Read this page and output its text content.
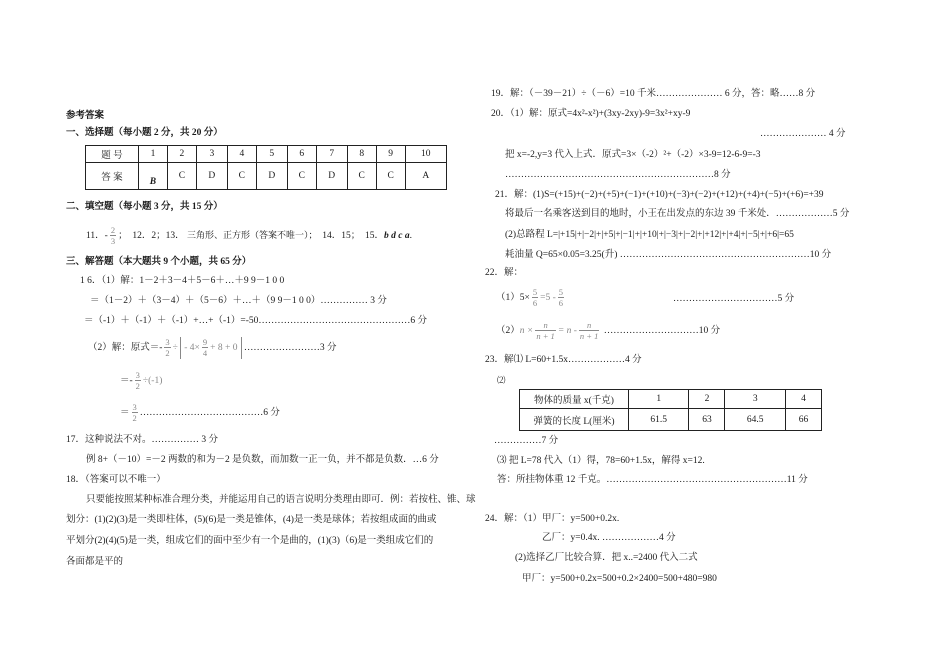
参考答案
一、选择题（每小题 2 分，共 20 分）
题 号	1	2	3	4	5	6	7	8	9	10
答 案	B	C	D	C	D	C	D	C	C	A
二、填空题（每小题 3 分，共 15 分）
11．- $\frac{2}{3}$ ； 12．2；13． 三角形、正方形（答案不唯一）； 14．15； 15．b d c a.
三、解答题（本大题共 9 个小题，共 65 分）
1 6．（1）解：1－2＋3－4＋5－6＋…＋9 9－1 0 0
＝（1－2）＋（3－4）＋（5－6）＋…＋（9 9－1 0 0）…………… 3 分
＝（-1）＋（-1）＋（-1）+…+（-1）=-50…………………………………………6 分
（2）解：原式＝- $\frac{3}{2}$ ÷ - $4\times \frac{9}{4} + 8 + 0$ ……………………3 分
＝- $\frac{3}{2} \div(-1)$
＝ $\frac{3}{2}$ …………………………………6 分
17．这种说法不对。…………… 3 分
例 8+（－10）=－2 两数的和为－2 是负数，而加数一正一负，并不都是负数．…6 分
18．（答案可以不唯一）
只要能按照某种标准合理分类，并能运用自己的语言说明分类理由即可．例：若按柱、锥、球
划分：(1)(2)(3)是一类即柱体，(5)(6)是一类是锥体，(4)是一类是球体；若按组成面的曲或
平划分(2)(4)(5)是一类，组成它们的面中至少有一个是曲的，(1)(3)（6)是一类组成它们的
各面都是平的
19．解：（－39－21）÷（－6）=10 千米………………… 6 分，答：略……8 分
20．（1）解：原式=4x²-x²)+(3xy-2xy)-9=3x²+xy-9
………………… 4 分
把 x=-2,y=3 代入上式．原式=3×（-2）²+（-2）×3-9=12-6-9=-3
…………………………………………………………8 分
21．解：(1)S=(+15)+(−2)+(+5)+(−1)+(+10)+(−3)+(−2)+(+12)+(+4)+(−5)+(+6)=+39
将最后一名乘客送到目的地时，小王在出发点的东边 39 千米处．………………5 分
(2)总路程 L=|+15|+|−2|+|+5|+|−1|+|+10|+|−3|+|−2|+|+12|+|+4|+|−5|+|+6|=65
耗油量 Q=65×0.05=3.25(升) ……………………………………………………10 分
22．解：
$(1)5\times \frac{5}{6} =5 - \frac{5}{6}$	……………………………5 分
$(2)n \times \frac{n}{n + 1} = n - \frac{n}{n + 1}$ …………………………10 分
23．解⑴ L=60+1.5x………………4 分
⑵
物体的质量 x(千克)	1	2	3	4
弹簧的长度 L(厘米)	61.5	63	64.5	66
……………7 分
⑶ 把 L=78 代入（1）得，78=60+1.5x，解得 x=12.
答：所挂物体重 12 千克。…………………………………………………11 分
24．解：（1）甲厂：y=500+0.2x.
乙厂：y=0.4x. ………………4 分
(2)选择乙厂比较合算．把 x..=2400 代入二式
甲厂：y=500+0.2x=500+0.2×2400=500+480=980
